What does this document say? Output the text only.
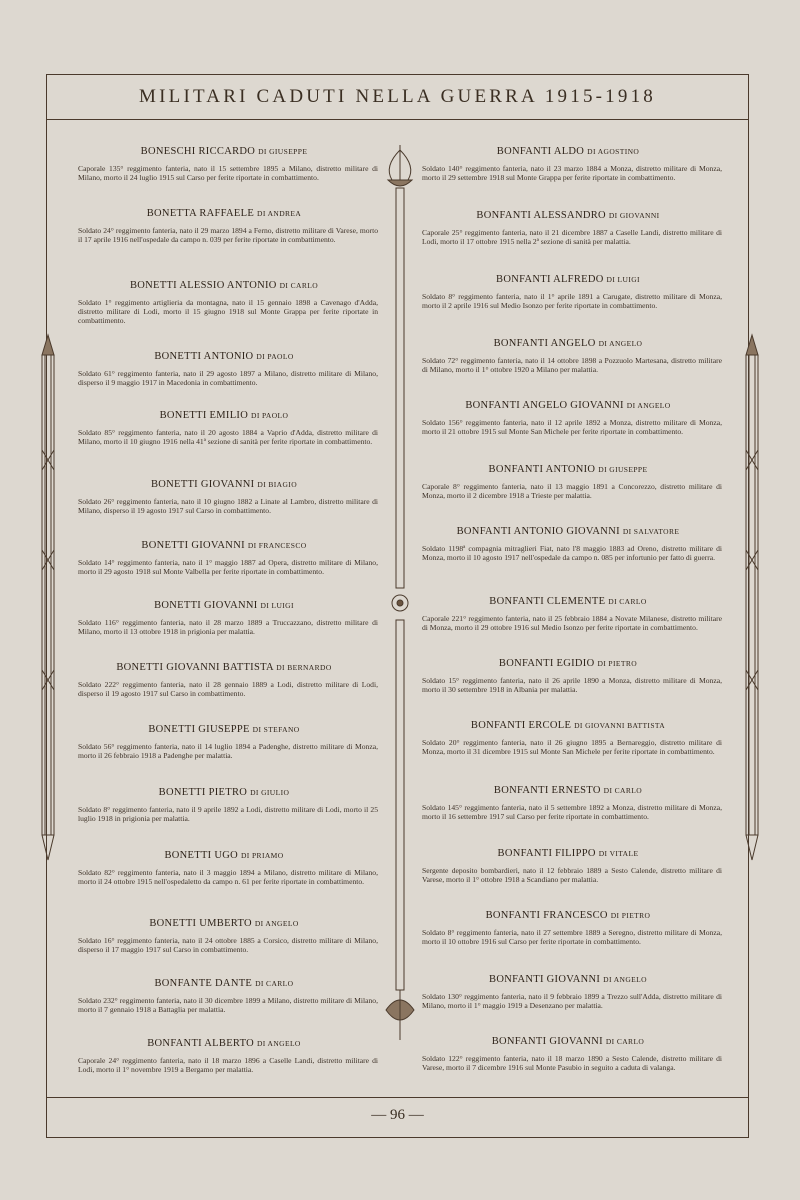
MILITARI CADUTI NELLA GUERRA 1915-1918
BONESCHI RICCARDO DI GIUSEPPE
Caporale 135° reggimento fanteria, nato il 15 settembre 1895 a Milano, distretto militare di Milano, morto il 24 luglio 1915 sul Carso per ferite riportate in combattimento.
BONETTA RAFFAELE DI ANDREA
Soldato 24° reggimento fanteria, nato il 29 marzo 1894 a Ferno, distretto militare di Varese, morto il 17 aprile 1916 nell'ospedale da campo n. 039 per ferite riportate in combattimento.
BONETTI ALESSIO ANTONIO DI CARLO
Soldato 1° reggimento artiglieria da montagna, nato il 15 gennaio 1898 a Cavenago d'Adda, distretto militare di Lodi, morto il 15 giugno 1918 sul Monte Grappa per ferite riportate in combattimento.
BONETTI ANTONIO DI PAOLO
Soldato 61° reggimento fanteria, nato il 29 agosto 1897 a Milano, distretto militare di Milano, disperso il 9 maggio 1917 in Macedonia in combattimento.
BONETTI EMILIO DI PAOLO
Soldato 85° reggimento fanteria, nato il 20 agosto 1884 a Vaprio d'Adda, distretto militare di Milano, morto il 10 giugno 1916 nella 41ª sezione di sanità per ferite riportate in combattimento.
BONETTI GIOVANNI DI BIAGIO
Soldato 26° reggimento fanteria, nato il 10 giugno 1882 a Linate al Lambro, distretto militare di Milano, disperso il 19 agosto 1917 sul Carso in combattimento.
BONETTI GIOVANNI DI FRANCESCO
Soldato 14° reggimento fanteria, nato il 1° maggio 1887 ad Opera, distretto militare di Milano, morto il 29 agosto 1918 sul Monte Valbella per ferite riportate in combattimento.
BONETTI GIOVANNI DI LUIGI
Soldato 116° reggimento fanteria, nato il 28 marzo 1889 a Truccazzano, distretto militare di Milano, morto il 13 ottobre 1918 in prigionia per malattia.
BONETTI GIOVANNI BATTISTA DI BERNARDO
Soldato 222° reggimento fanteria, nato il 28 gennaio 1889 a Lodi, distretto militare di Lodi, disperso il 19 agosto 1917 sul Carso in combattimento.
BONETTI GIUSEPPE DI STEFANO
Soldato 56° reggimento fanteria, nato il 14 luglio 1894 a Padenghe, distretto militare di Monza, morto il 26 febbraio 1918 a Padenghe per malattia.
BONETTI PIETRO DI GIULIO
Soldato 8° reggimento fanteria, nato il 9 aprile 1892 a Lodi, distretto militare di Lodi, morto il 25 luglio 1918 in prigionia per malattia.
BONETTI UGO DI PRIAMO
Soldato 82° reggimento fanteria, nato il 3 maggio 1894 a Milano, distretto militare di Milano, morto il 24 ottobre 1915 nell'ospedaletto da campo n. 61 per ferite riportate in combattimento.
BONETTI UMBERTO DI ANGELO
Soldato 16° reggimento fanteria, nato il 24 ottobre 1885 a Corsico, distretto militare di Milano, disperso il 17 maggio 1917 sul Carso in combattimento.
BONFANTE DANTE DI CARLO
Soldato 232° reggimento fanteria, nato il 30 dicembre 1899 a Milano, distretto militare di Milano, morto il 7 gennaio 1918 a Battaglia per malattia.
BONFANTI ALBERTO DI ANGELO
Caporale 24° reggimento fanteria, nato il 18 marzo 1896 a Caselle Landi, distretto militare di Lodi, morto il 1° novembre 1919 a Bergamo per malattia.
BONFANTI ALDO DI AGOSTINO
Soldato 140° reggimento fanteria, nato il 23 marzo 1884 a Monza, distretto militare di Monza, morto il 29 settembre 1918 sul Monte Grappa per ferite riportate in combattimento.
BONFANTI ALESSANDRO DI GIOVANNI
Caporale 25° reggimento fanteria, nato il 21 dicembre 1887 a Caselle Landi, distretto militare di Lodi, morto il 17 ottobre 1915 nella 2ª sezione di sanità per malattia.
BONFANTI ALFREDO DI LUIGI
Soldato 8° reggimento fanteria, nato il 1° aprile 1891 a Carugate, distretto militare di Monza, morto il 2 aprile 1916 sul Medio Isonzo per ferite riportate in combattimento.
BONFANTI ANGELO DI ANGELO
Soldato 72° reggimento fanteria, nato il 14 ottobre 1898 a Pozzuolo Martesana, distretto militare di Milano, morto il 1° ottobre 1920 a Milano per malattia.
BONFANTI ANGELO GIOVANNI DI ANGELO
Soldato 156° reggimento fanteria, nato il 12 aprile 1892 a Monza, distretto militare di Monza, morto il 21 ottobre 1915 sul Monte San Michele per ferite riportate in combattimento.
BONFANTI ANTONIO DI GIUSEPPE
Caporale 8° reggimento fanteria, nato il 13 maggio 1891 a Concorezzo, distretto militare di Monza, morto il 2 dicembre 1918 a Trieste per malattia.
BONFANTI ANTONIO GIOVANNI DI SALVATORE
Soldato 1198ª compagnia mitraglieri Fiat, nato l'8 maggio 1883 ad Oreno, distretto militare di Monza, morto il 10 agosto 1917 nell'ospedale da campo n. 085 per infortunio per fatto di guerra.
BONFANTI CLEMENTE DI CARLO
Caporale 221° reggimento fanteria, nato il 25 febbraio 1884 a Novate Milanese, distretto militare di Monza, morto il 29 ottobre 1916 sul Medio Isonzo per ferite riportate in combattimento.
BONFANTI EGIDIO DI PIETRO
Soldato 15° reggimento fanteria, nato il 26 aprile 1890 a Monza, distretto militare di Monza, morto il 30 settembre 1918 in Albania per malattia.
BONFANTI ERCOLE DI GIOVANNI BATTISTA
Soldato 20° reggimento fanteria, nato il 26 giugno 1895 a Bernareggio, distretto militare di Monza, morto il 31 dicembre 1915 sul Monte San Michele per ferite riportate in combattimento.
BONFANTI ERNESTO DI CARLO
Soldato 145° reggimento fanteria, nato il 5 settembre 1892 a Monza, distretto militare di Monza, morto il 16 settembre 1917 sul Carso per ferite riportate in combattimento.
BONFANTI FILIPPO DI VITALE
Sergente deposito bombardieri, nato il 12 febbraio 1889 a Sesto Calende, distretto militare di Varese, morto il 1° ottobre 1918 a Scandiano per malattia.
BONFANTI FRANCESCO DI PIETRO
Soldato 8° reggimento fanteria, nato il 27 settembre 1889 a Seregno, distretto militare di Monza, morto il 10 ottobre 1916 sul Carso per ferite riportate in combattimento.
BONFANTI GIOVANNI DI ANGELO
Soldato 130° reggimento fanteria, nato il 9 febbraio 1899 a Trezzo sull'Adda, distretto militare di Milano, morto il 1° maggio 1919 a Desenzano per malattia.
BONFANTI GIOVANNI DI CARLO
Soldato 122° reggimento fanteria, nato il 18 marzo 1890 a Sesto Calende, distretto militare di Varese, morto il 7 dicembre 1916 sul Monte Pasubio in seguito a caduta di valanga.
— 96 —
